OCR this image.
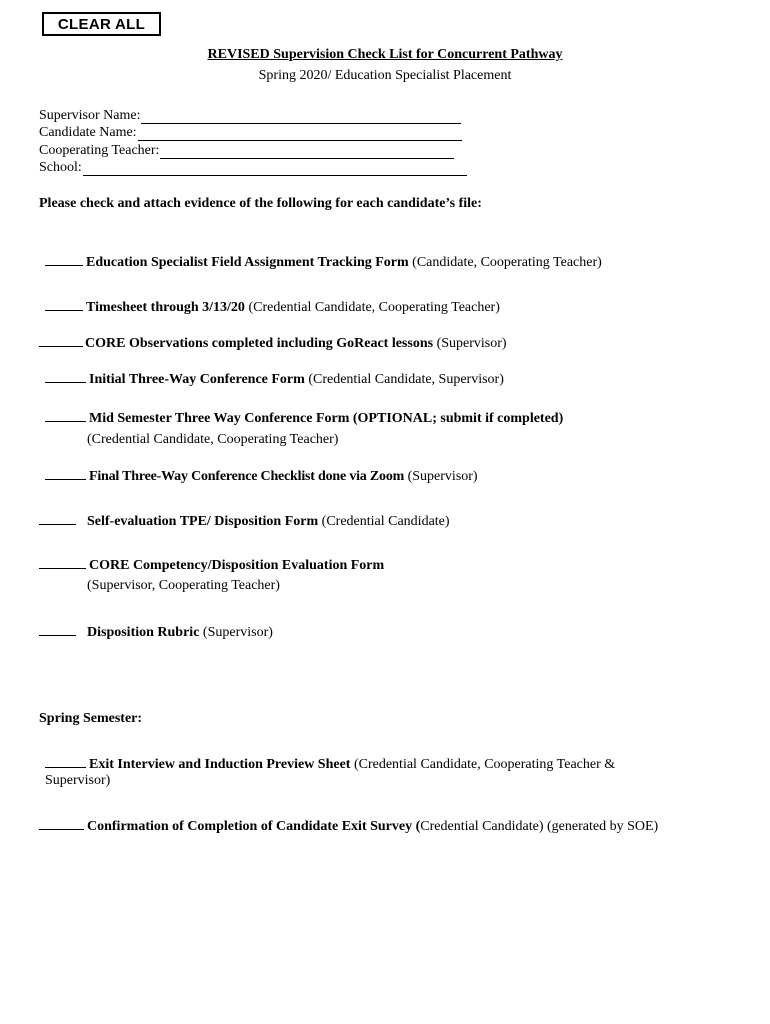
CLEAR ALL
REVISED Supervision Check List for Concurrent Pathway
Spring 2020/ Education Specialist Placement
Supervisor Name:
Candidate Name:
Cooperating Teacher:
School:
Please check and attach evidence of the following for each candidate’s file:
Education Specialist Field Assignment Tracking Form (Candidate, Cooperating Teacher)
Timesheet through 3/13/20 (Credential Candidate, Cooperating Teacher)
CORE Observations completed including GoReact lessons (Supervisor)
Initial Three-Way Conference Form (Credential Candidate, Supervisor)
Mid Semester Three Way Conference Form (OPTIONAL; submit if completed)
(Credential Candidate, Cooperating Teacher)
Final Three-Way Conference Checklist done via Zoom (Supervisor)
Self-evaluation TPE/ Disposition Form (Credential Candidate)
CORE Competency/Disposition Evaluation Form
(Supervisor, Cooperating Teacher)
Disposition Rubric (Supervisor)
Spring Semester:
Exit Interview and Induction Preview Sheet (Credential Candidate, Cooperating Teacher &
Supervisor)
Confirmation of Completion of Candidate Exit Survey (Credential Candidate) (generated by SOE)
